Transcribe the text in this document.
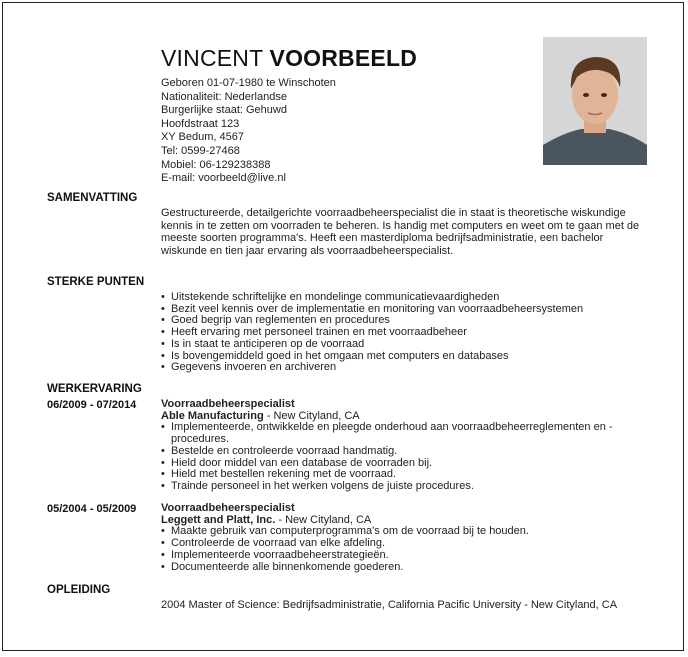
VINCENT VOORBEELD
Geboren 01-07-1980 te Winschoten
Nationaliteit: Nederlandse
Burgerlijke staat: Gehuwd
Hoofdstraat 123
XY Bedum, 4567
Tel: 0599-27468
Mobiel: 06-129238388
E-mail: voorbeeld@live.nl
SAMENVATTING
Gestructureerde, detailgerichte voorraadbeheerspecialist die in staat is theoretische wiskundige kennis in te zetten om voorraden te beheren. Is handig met computers en weet om te gaan met de meeste soorten programma's. Heeft een masterdiploma bedrijfsadministratie, een bachelor wiskunde en tien jaar ervaring als voorraadbeheerspecialist.
STERKE PUNTEN
• Uitstekende schriftelijke en mondelinge communicatievaardigheden
• Bezit veel kennis over de implementatie en monitoring van voorraadbeheersystemen
• Goed begrip van reglementen en procedures
• Heeft ervaring met personeel trainen en met voorraadbeheer
• Is in staat te anticiperen op de voorraad
• Is bovengemiddeld goed in het omgaan met computers en databases
• Gegevens invoeren en archiveren
WERKERVARING
06/2009 - 07/2014 Voorraadbeheerspecialist
Able Manufacturing - New Cityland, CA
• Implementeerde, ontwikkelde en pleegde onderhoud aan voorraadbeheerreglementen en -procedures.
• Bestelde en controleerde voorraad handmatig.
• Hield door middel van een database de voorraden bij.
• Hield met bestellen rekening met de voorraad.
• Trainde personeel in het werken volgens de juiste procedures.
05/2004 - 05/2009 Voorraadbeheerspecialist
Leggett and Platt, Inc. - New Cityland, CA
• Maakte gebruik van computerprogramma's om de voorraad bij te houden.
• Controleerde de voorraad van elke afdeling.
• Implementeerde voorraadbeheerstrategieën.
• Documenteerde alle binnenkomende goederen.
OPLEIDING
2004 Master of Science: Bedrijfsadministratie, California Pacific University - New Cityland, CA
